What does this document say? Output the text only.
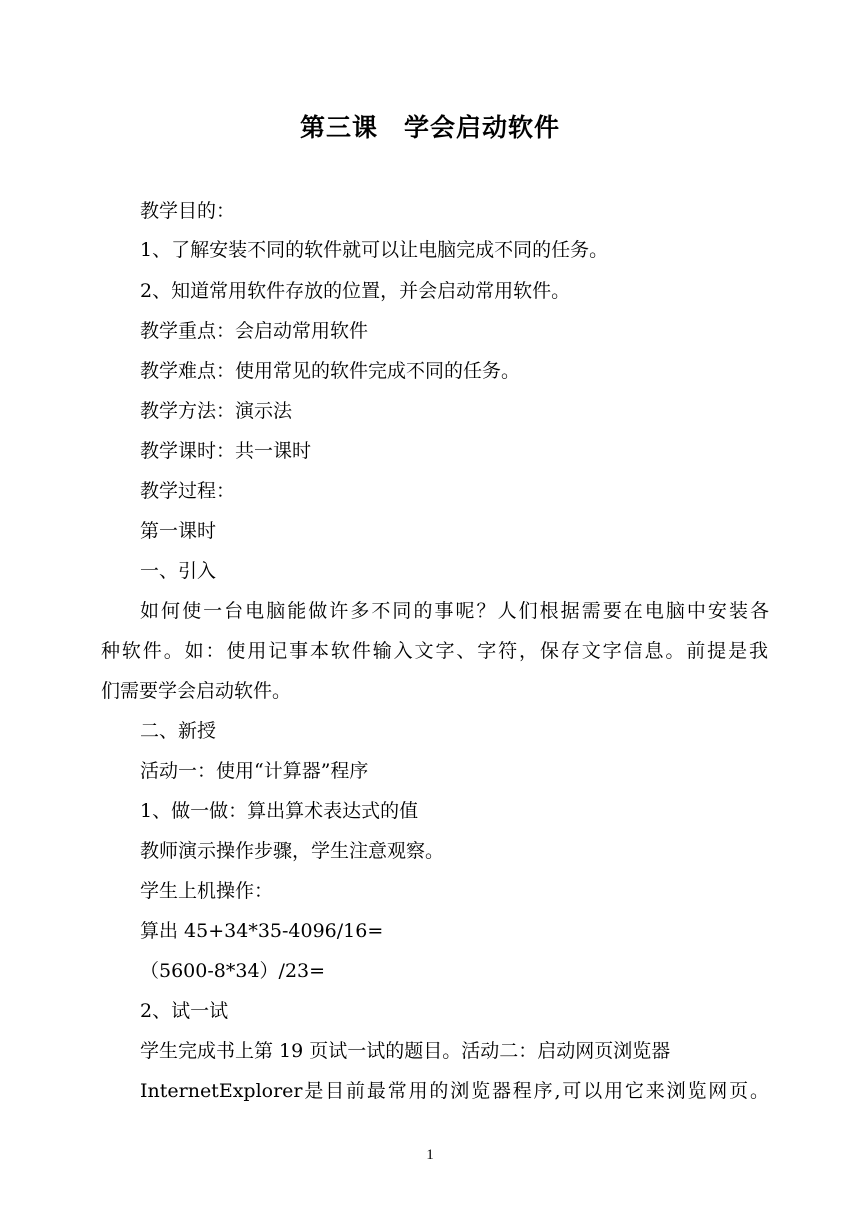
第三课　学会启动软件
教学目的：
1、了解安装不同的软件就可以让电脑完成不同的任务。
2、知道常用软件存放的位置，并会启动常用软件。
教学重点：会启动常用软件
教学难点：使用常见的软件完成不同的任务。
教学方法：演示法
教学课时：共一课时
教学过程：
第一课时
一、引入
如何使一台电脑能做许多不同的事呢？人们根据需要在电脑中安装各
种软件。如：使用记事本软件输入文字、字符，保存文字信息。前提是我
们需要学会启动软件。
二、新授
活动一：使用“计算器”程序
1、做一做：算出算术表达式的值
教师演示操作步骤，学生注意观察。
学生上机操作：
算出 45+34*35-4096/16=
（5600-8*34）/23=
2、试一试
学生完成书上第 19 页试一试的题目。活动二：启动网页浏览器
InternetExplorer是目前最常用的浏览器程序,可以用它来浏览网页。
1
